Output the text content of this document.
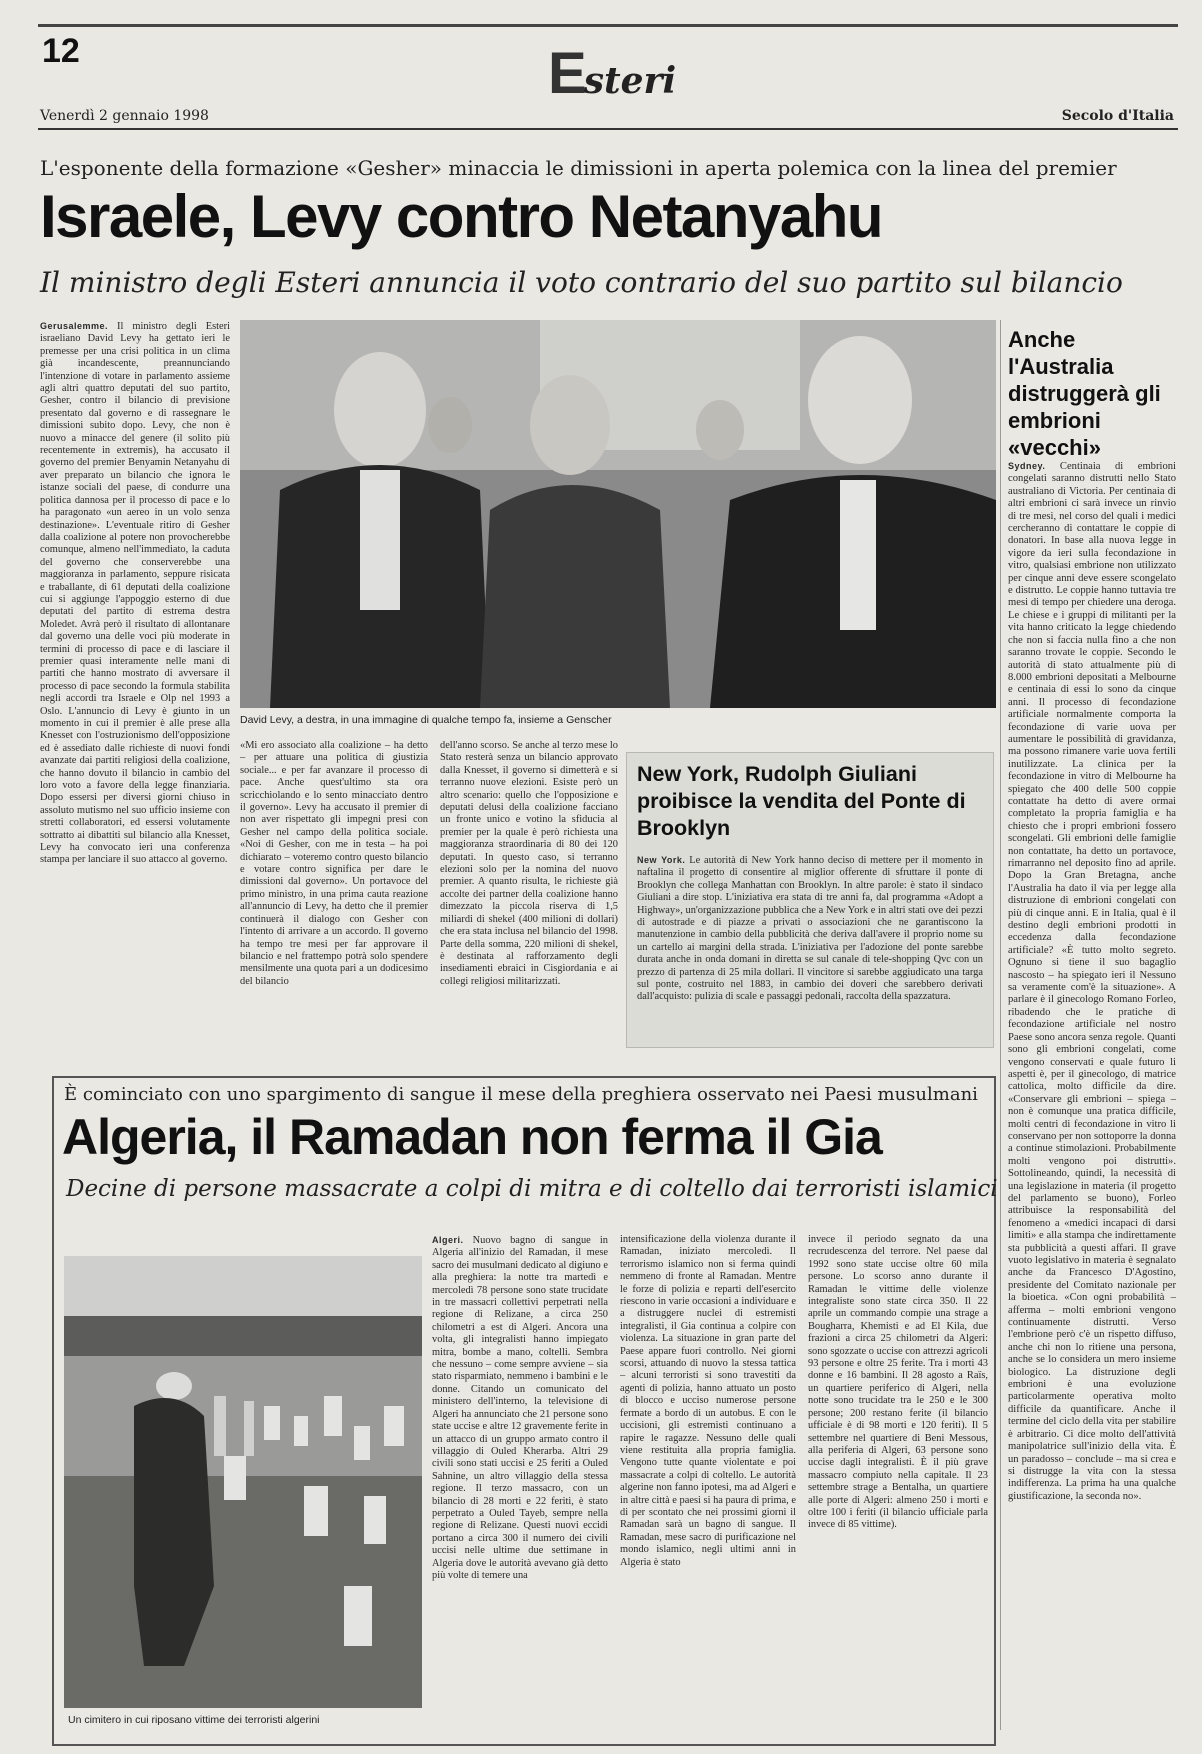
12	Esteri
Venerdì 2 gennaio 1998	Secolo d'Italia
L'esponente della formazione «Gesher» minaccia le dimissioni in aperta polemica con la linea del premier
Israele, Levy contro Netanyahu
Il ministro degli Esteri annuncia il voto contrario del suo partito sul bilancio
David Levy, a destra, in una immagine di qualche tempo fa, insieme a Genscher
Gerusalemme. Il ministro degli Esteri israeliano David Levy ha gettato ieri le premesse per una crisi politica in un clima già incandescente, preannunciando l'intenzione di votare in parlamento assieme agli altri quattro deputati del suo partito, Gesher, contro il bilancio di previsione presentato dal governo e di rassegnare le dimissioni subito dopo. Levy, che non è nuovo a minacce del genere (il solito più recentemente in extremis), ha accusato il governo del premier Benyamin Netanyahu di aver preparato un bilancio che ignora le istanze sociali del paese, di condurre una politica dannosa per il processo di pace e lo ha paragonato «un aereo in un volo senza destinazione». L'eventuale ritiro di Gesher dalla coalizione al potere non provocherebbe comunque, almeno nell'immediato, la caduta del governo che conserverebbe una maggioranza in parlamento, seppure risicata e traballante, di 61 deputati della coalizione cui si aggiunge l'appoggio esterno di due deputati del partito di estrema destra Moledet. Avrà però il risultato di allontanare dal governo una delle voci più moderate in termini di processo di pace e di lasciare il premier quasi interamente nelle mani di partiti che hanno mostrato di avversare il processo di pace secondo la formula stabilita negli accordi tra Israele e Olp nel 1993 a Oslo. L'annuncio di Levy è giunto in un momento in cui il premier è alle prese alla Knesset con l'ostruzionismo dell'opposizione ed è assediato dalle richieste di nuovi fondi avanzate dai partiti religiosi della coalizione, che hanno dovuto il bilancio in cambio del loro voto a favore della legge finanziaria. Dopo essersi per diversi giorni chiuso in assoluto mutismo nel suo ufficio insieme con stretti collaboratori, ed essersi volutamente sottratto ai dibattiti sul bilancio alla Knesset, Levy ha convocato ieri una conferenza stampa per lanciare il suo attacco al governo.
«Mi ero associato alla coalizione – ha detto – per attuare una politica di giustizia sociale... e per far avanzare il processo di pace. Anche quest'ultimo sta ora scricchiolando e lo sento minacciato dentro il governo». Levy ha accusato il premier di non aver rispettato gli impegni presi con Gesher nel campo della politica sociale. «Noi di Gesher, con me in testa – ha poi dichiarato – voteremo contro questo bilancio e votare contro significa per dare le dimissioni dal governo». Un portavoce del primo ministro, in una prima cauta reazione all'annuncio di Levy, ha detto che il premier continuerà il dialogo con Gesher con l'intento di arrivare a un accordo. Il governo ha tempo tre mesi per far approvare il bilancio e nel frattempo potrà solo spendere mensilmente una quota pari a un dodicesimo del bilancio
dell'anno scorso. Se anche al terzo mese lo Stato resterà senza un bilancio approvato dalla Knesset, il governo si dimetterà e si terranno nuove elezioni. Esiste però un altro scenario: quello che l'opposizione e deputati delusi della coalizione facciano un fronte unico e votino la sfiducia al premier per la quale è però richiesta una maggioranza straordinaria di 80 dei 120 deputati. In questo caso, si terranno elezioni solo per la nomina del nuovo premier. A quanto risulta, le richieste già accolte dei partner della coalizione hanno dimezzato la piccola riserva di 1,5 miliardi di shekel (400 milioni di dollari) che era stata inclusa nel bilancio del 1998. Parte della somma, 220 milioni di shekel, è destinata al rafforzamento degli insediamenti ebraici in Cisgiordania e ai collegi religiosi militarizzati.
New York, Rudolph Giuliani proibisce la vendita del Ponte di Brooklyn
New York. Le autorità di New York hanno deciso di mettere per il momento in naftalina il progetto di consentire al miglior offerente di sfruttare il ponte di Brooklyn che collega Manhattan con Brooklyn. In altre parole: è stato il sindaco Giuliani a dire stop. L'iniziativa era stata di tre anni fa, dal programma «Adopt a Highway», un'organizzazione pubblica che a New York e in altri stati ove dei pezzi di autostrade e di piazze a privati o associazioni che ne garantiscono la manutenzione in cambio della pubblicità che deriva dall'avere il proprio nome su un cartello ai margini della strada. L'iniziativa per l'adozione del ponte sarebbe durata anche in onda domani in diretta se sul canale di tele-shopping Qvc con un prezzo di partenza di 25 mila dollari. Il vincitore si sarebbe aggiudicato una targa sul ponte, costruito nel 1883, in cambio dei doveri che sarebbero derivati dall'acquisto: pulizia di scale e passaggi pedonali, raccolta della spazzatura.
Anche l'Australia distruggerà gli embrioni «vecchi»
Sydney. Centinaia di embrioni congelati saranno distrutti nello Stato australiano di Victoria. Per centinaia di altri embrioni ci sarà invece un rinvio di tre mesi, nel corso del quali i medici cercheranno di contattare le coppie di donatori. In base alla nuova legge in vigore da ieri sulla fecondazione in vitro, qualsiasi embrione non utilizzato per cinque anni deve essere scongelato e distrutto. Le coppie hanno tuttavia tre mesi di tempo per chiedere una deroga. Le chiese e i gruppi di militanti per la vita hanno criticato la legge chiedendo che non si faccia nulla fino a che non saranno trovate le coppie. Secondo le autorità di stato attualmente più di 8.000 embrioni depositati a Melbourne e centinaia di essi lo sono da cinque anni. Il processo di fecondazione artificiale normalmente comporta la fecondazione di varie uova per aumentare le possibilità di gravidanza, ma possono rimanere varie uova fertili inutilizzate. La clinica per la fecondazione in vitro di Melbourne ha spiegato che 400 delle 500 coppie contattate ha detto di avere ormai completato la propria famiglia e ha chiesto che i propri embrioni fossero scongelati. Gli embrioni delle famiglie non contattate, ha detto un portavoce, rimarranno nel deposito fino ad aprile. Dopo la Gran Bretagna, anche l'Australia ha dato il via per legge alla distruzione di embrioni congelati con più di cinque anni. E in Italia, qual è il destino degli embrioni prodotti in eccedenza dalla fecondazione artificiale? «È tutto molto segreto. Ognuno si tiene il suo bagaglio nascosto – ha spiegato ieri il Nessuno sa veramente com'è la situazione». A parlare è il ginecologo Romano Forleo, ribadendo che le pratiche di fecondazione artificiale nel nostro Paese sono ancora senza regole. Quanti sono gli embrioni congelati, come vengono conservati e quale futuro li aspetti è, per il ginecologo, di matrice cattolica, molto difficile da dire. «Conservare gli embrioni – spiega – non è comunque una pratica difficile, molti centri di fecondazione in vitro li conservano per non sottoporre la donna a continue stimolazioni. Probabilmente molti vengono poi distrutti». Sottolineando, quindi, la necessità di una legislazione in materia (il progetto del parlamento se buono), Forleo attribuisce la responsabilità del fenomeno a «medici incapaci di darsi limiti» e alla stampa che indirettamente sta pubblicità a questi affari. Il grave vuoto legislativo in materia è segnalato anche da Francesco D'Agostino, presidente del Comitato nazionale per la bioetica. «Con ogni probabilità – afferma – molti embrioni vengono continuamente distrutti. Verso l'embrione però c'è un rispetto diffuso, anche chi non lo ritiene una persona, anche se lo considera un mero insieme biologico. La distruzione degli embrioni è una evoluzione particolarmente operativa molto difficile da quantificare. Anche il termine del ciclo della vita per stabilire è arbitrario. Ci dice molto dell'attività manipolatrice sull'inizio della vita. È un paradosso – conclude – ma si crea e si distrugge la vita con la stessa indifferenza. La prima ha una qualche giustificazione, la seconda no».
È cominciato con uno spargimento di sangue il mese della preghiera osservato nei Paesi musulmani
Algeria, il Ramadan non ferma il Gia
Decine di persone massacrate a colpi di mitra e di coltello dai terroristi islamici
Un cimitero in cui riposano vittime dei terroristi algerini
Algeri. Nuovo bagno di sangue in Algeria all'inizio del Ramadan, il mese sacro dei musulmani dedicato al digiuno e alla preghiera: la notte tra martedì e mercoledì 78 persone sono state trucidate in tre massacri collettivi perpetrati nella regione di Relizane, a circa 250 chilometri a est di Algeri. Ancora una volta, gli integralisti hanno impiegato mitra, bombe a mano, coltelli. Sembra che nessuno – come sempre avviene – sia stato risparmiato, nemmeno i bambini e le donne. Citando un comunicato del ministero dell'interno, la televisione di Algeri ha annunciato che 21 persone sono state uccise e altre 12 gravemente ferite in un attacco di un gruppo armato contro il villaggio di Ouled Kherarba. Altri 29 civili sono stati uccisi e 25 feriti a Ouled Sahnine, un altro villaggio della stessa regione. Il terzo massacro, con un bilancio di 28 morti e 22 feriti, è stato perpetrato a Ouled Tayeb, sempre nella regione di Relizane. Questi nuovi eccidi portano a circa 300 il numero dei civili uccisi nelle ultime due settimane in Algeria dove le autorità avevano già detto più volte di temere una
intensificazione della violenza durante il Ramadan, iniziato mercoledì. Il terrorismo islamico non si ferma quindi nemmeno di fronte al Ramadan. Mentre le forze di polizia e reparti dell'esercito riescono in varie occasioni a individuare e a distruggere nuclei di estremisti integralisti, il Gia continua a colpire con violenza. La situazione in gran parte del Paese appare fuori controllo. Nei giorni scorsi, attuando di nuovo la stessa tattica – alcuni terroristi si sono travestiti da agenti di polizia, hanno attuato un posto di blocco e ucciso numerose persone fermate a bordo di un autobus. E con le uccisioni, gli estremisti continuano a rapire le ragazze. Nessuno delle quali viene restituita alla propria famiglia. Vengono tutte quante violentate e poi massacrate a colpi di coltello. Le autorità algerine non fanno ipotesi, ma ad Algeri e in altre città e paesi si ha paura di prima, e di per scontato che nei prossimi giorni il Ramadan sarà un bagno di sangue. Il Ramadan, mese sacro di purificazione nel mondo islamico, negli ultimi anni in Algeria è stato
invece il periodo segnato da una recrudescenza del terrore. Nel paese dal 1992 sono state uccise oltre 60 mila persone. Lo scorso anno durante il Ramadan le vittime delle violenze integraliste sono state circa 350. Il 22 aprile un commando compie una strage a Bougharra, Khemisti e ad El Kila, due frazioni a circa 25 chilometri da Algeri: sono sgozzate o uccise con attrezzi agricoli 93 persone e oltre 25 ferite. Tra i morti 43 donne e 16 bambini. Il 28 agosto a Raïs, un quartiere periferico di Algeri, nella notte sono trucidate tra le 250 e le 300 persone; 200 restano ferite (il bilancio ufficiale è di 98 morti e 120 feriti). Il 5 settembre nel quartiere di Beni Messous, alla periferia di Algeri, 63 persone sono uccise dagli integralisti. È il più grave massacro compiuto nella capitale. Il 23 settembre strage a Bentalha, un quartiere alle porte di Algeri: almeno 250 i morti e oltre 100 i feriti (il bilancio ufficiale parla invece di 85 vittime).
